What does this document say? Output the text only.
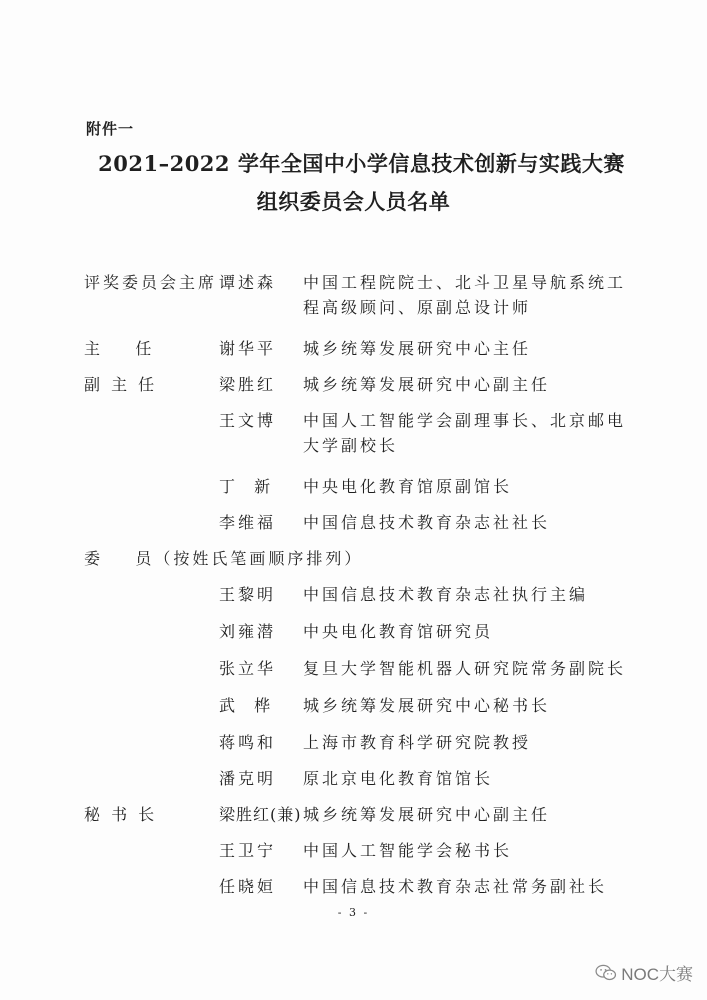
附件一
2021–2022 学年全国中小学信息技术创新与实践大赛
组织委员会人员名单
评奖委员会主席 谭述森 中国工程院院士、北斗卫星导航系统工程高级顾问、原副总设计师
主    任	谢华平 城乡统筹发展研究中心主任
副 主 任	梁胜红 城乡统筹发展研究中心副主任
王文博 中国人工智能学会副理事长、北京邮电大学副校长
丁  新 中央电化教育馆原副馆长
李维福 中国信息技术教育杂志社社长
委    员（按姓氏笔画顺序排列）
王黎明 中国信息技术教育杂志社执行主编
刘雍潜 中央电化教育馆研究员
张立华 复旦大学智能机器人研究院常务副院长
武  桦 城乡统筹发展研究中心秘书长
蒋鸣和 上海市教育科学研究院教授
潘克明 原北京电化教育馆馆长
秘 书 长	梁胜红(兼) 城乡统筹发展研究中心副主任
王卫宁 中国人工智能学会秘书长
任晓姮 中国信息技术教育杂志社常务副社长
- 3 -
NOC大赛
